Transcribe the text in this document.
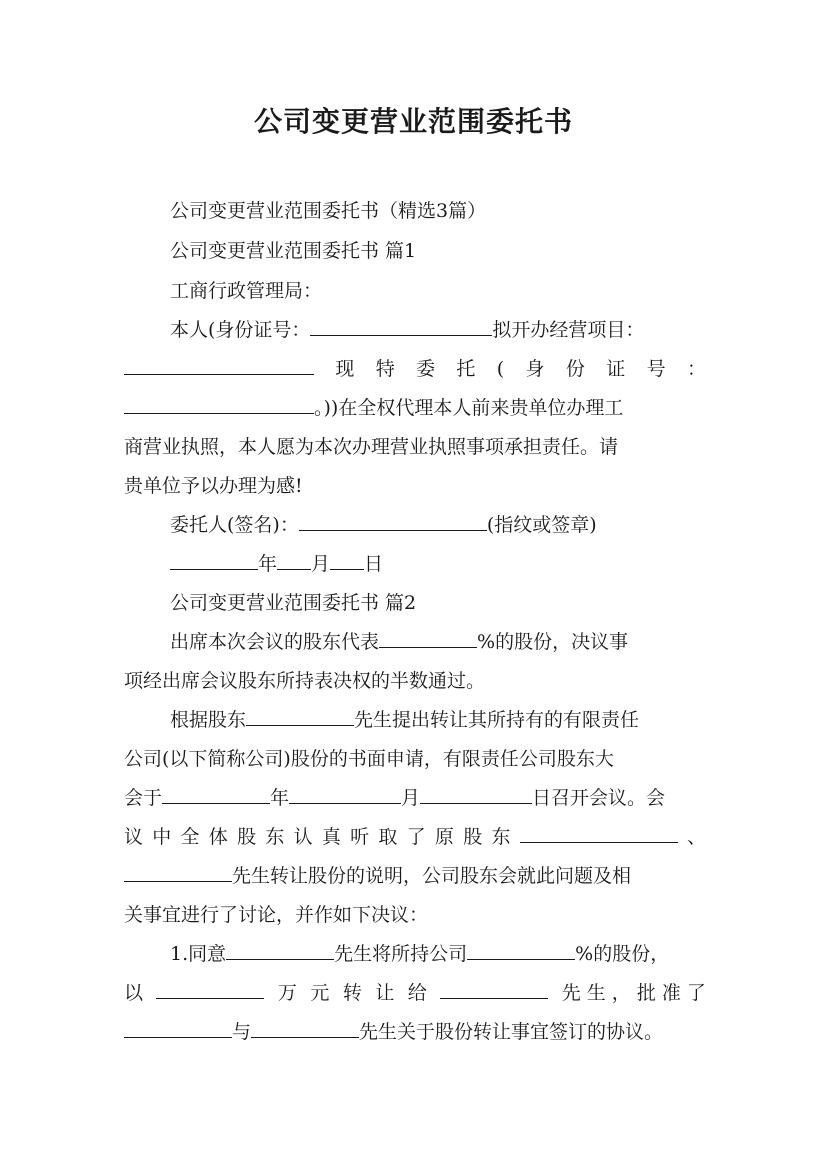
公司变更营业范围委托书
公司变更营业范围委托书（精选3篇）
公司变更营业范围委托书 篇1
工商行政管理局：
本人(身份证号：	拟开办经营项目：
现 特 委 托 ( 身 份 证 号 ：
。))在全权代理本人前来贵单位办理工
商营业执照，本人愿为本次办理营业执照事项承担责任。请
贵单位予以办理为感!
委托人(签名)：	(指纹或签章)
年 月 日
公司变更营业范围委托书 篇2
出席本次会议的股东代表	%的股份，决议事
项经出席会议股东所持表决权的半数通过。
根据股东	先生提出转让其所持有的有限责任
公司(以下简称公司)股份的书面申请，有限责任公司股东大
会于	年	月	日召开会议。会
议 中 全 体 股 东 认 真 听 取 了 原 股 东	、
先生转让股份的说明，公司股东会就此问题及相
关事宜进行了讨论，并作如下决议：
1.同意	先生将所持公司	%的股份，
以	万 元 转 让 给	先 生 ， 批 准 了
与	先生关于股份转让事宜签订的协议。
